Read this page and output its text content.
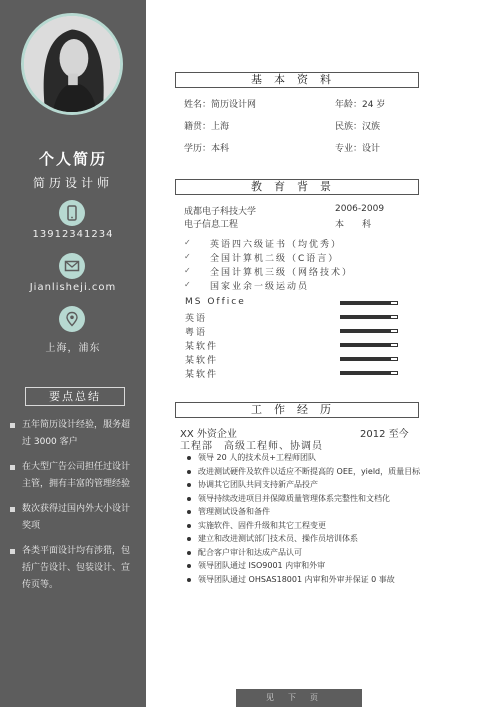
个人简历
简历设计师
13912341234
Jianlisheji.com
上海，浦东
要点总结
五年简历设计经验，服务超过 3000 客户
在大型广告公司担任过设计主管，拥有丰富的管理经验
数次获得过国内外大小设计奖项
各类平面设计均有涉猎，包括广告设计、包装设计、宣传页等。
基本资料
姓名：简历设计网	年龄：24 岁
籍贯：上海	民族：汉族
学历：本科	专业：设计
教育背景
成都电子科技大学	2006-2009
电子信息工程	本　　科
✓ 英语四六级证书（均优秀）
✓ 全国计算机二级（C语言）
✓ 全国计算机三级（网络技术）
✓ 国家业余一级运动员
MS Office
英语
粤语
某软件
某软件
某软件
工作经历
XX 外资企业	2012 至今
工程部　高级工程师、协调员
领导 20 人的技术员+工程师团队
改进测试硬件及软件以适应不断提高的 OEE，yield，质量目标
协调其它团队共同支持新产品投产
领导持续改进项目并保障质量管理体系完整性和文档化
管理测试设备和备件
实施软件、固件升级和其它工程变更
建立和改进测试部门技术员、操作员培训体系
配合客户审计和达成产品认可
领导团队通过 ISO9001 内审和外审
领导团队通过 OHSAS18001 内审和外审并保证 0 事故
见下页
